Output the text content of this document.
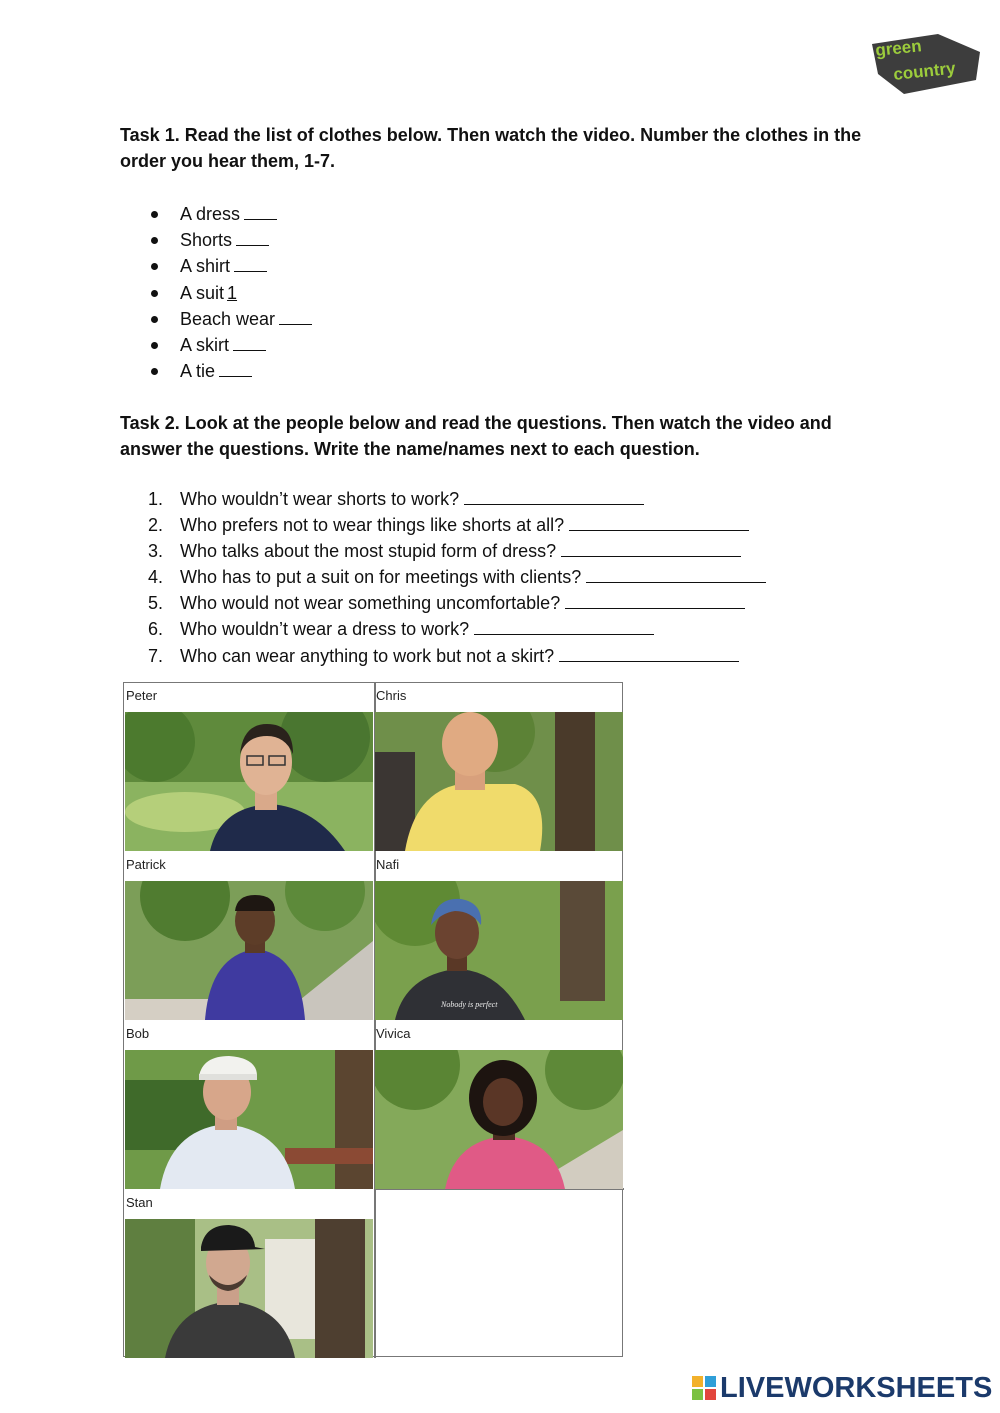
green
country
Task 1. Read the list of clothes below. Then watch the video. Number the clothes in the order you hear them, 1-7.
A dress
Shorts
A shirt
A suit 1
Beach wear
A skirt
A tie
Task 2. Look at the people below and read the questions. Then watch the video and answer the questions. Write the name/names next to each question.
1. Who wouldn’t wear shorts to work?
2. Who prefers not to wear things like shorts at all?
3. Who talks about the most stupid form of dress?
4. Who has to put a suit on for meetings with clients?
5. Who would not wear something uncomfortable?
6. Who wouldn’t wear a dress to work?
7. Who can wear anything to work but not a skirt?
Peter	Chris
Patrick	Nafi
Nobody is perfect
Bob	Vivica
Stan
LIVEWORKSHEETS
